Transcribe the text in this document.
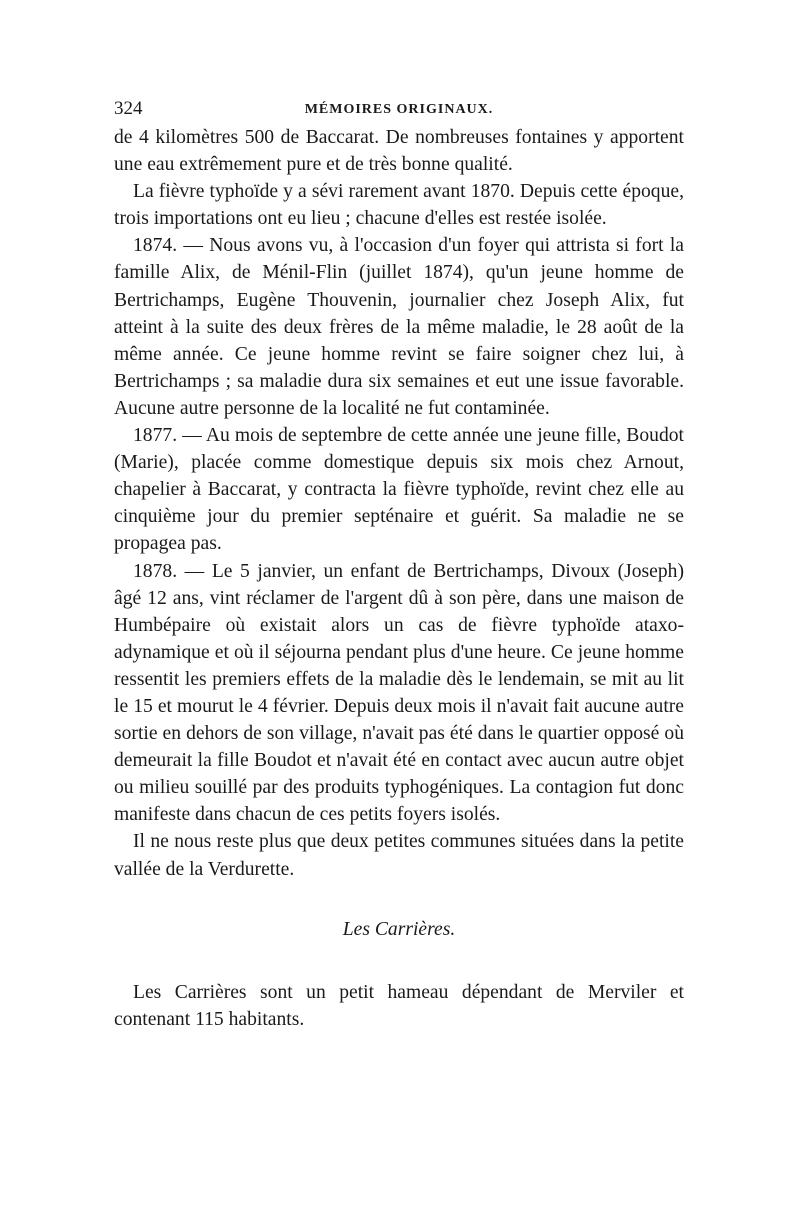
324	MÉMOIRES ORIGINAUX.

de 4 kilomètres 500 de Baccarat. De nombreuses fontaines y apportent une eau extrêmement pure et de très bonne qualité.

La fièvre typhoïde y a sévi rarement avant 1870. Depuis cette époque, trois importations ont eu lieu ; chacune d'elles est restée isolée.

1874. — Nous avons vu, à l'occasion d'un foyer qui attrista si fort la famille Alix, de Ménil-Flin (juillet 1874), qu'un jeune homme de Bertrichamps, Eugène Thouvenin, journalier chez Joseph Alix, fut atteint à la suite des deux frères de la même maladie, le 28 août de la même année. Ce jeune homme revint se faire soigner chez lui, à Bertrichamps ; sa maladie dura six semaines et eut une issue favorable. Aucune autre personne de la localité ne fut contaminée.

1877. — Au mois de septembre de cette année une jeune fille, Boudot (Marie), placée comme domestique depuis six mois chez Arnout, chapelier à Baccarat, y contracta la fièvre typhoïde, revint chez elle au cinquième jour du premier septénaire et guérit. Sa maladie ne se propagea pas.

1878. — Le 5 janvier, un enfant de Bertrichamps, Divoux (Joseph) âgé 12 ans, vint réclamer de l'argent dû à son père, dans une maison de Humbépaire où existait alors un cas de fièvre typhoïde ataxo-adynamique et où il séjourna pendant plus d'une heure. Ce jeune homme ressentit les premiers effets de la maladie dès le lendemain, se mit au lit le 15 et mourut le 4 février. Depuis deux mois il n'avait fait aucune autre sortie en dehors de son village, n'avait pas été dans le quartier opposé où demeurait la fille Boudot et n'avait été en contact avec aucun autre objet ou milieu souillé par des produits typhogéniques. La contagion fut donc manifeste dans chacun de ces petits foyers isolés.

Il ne nous reste plus que deux petites communes situées dans la petite vallée de la Verdurette.

Les Carrières.

Les Carrières sont un petit hameau dépendant de Merviler et contenant 115 habitants.
